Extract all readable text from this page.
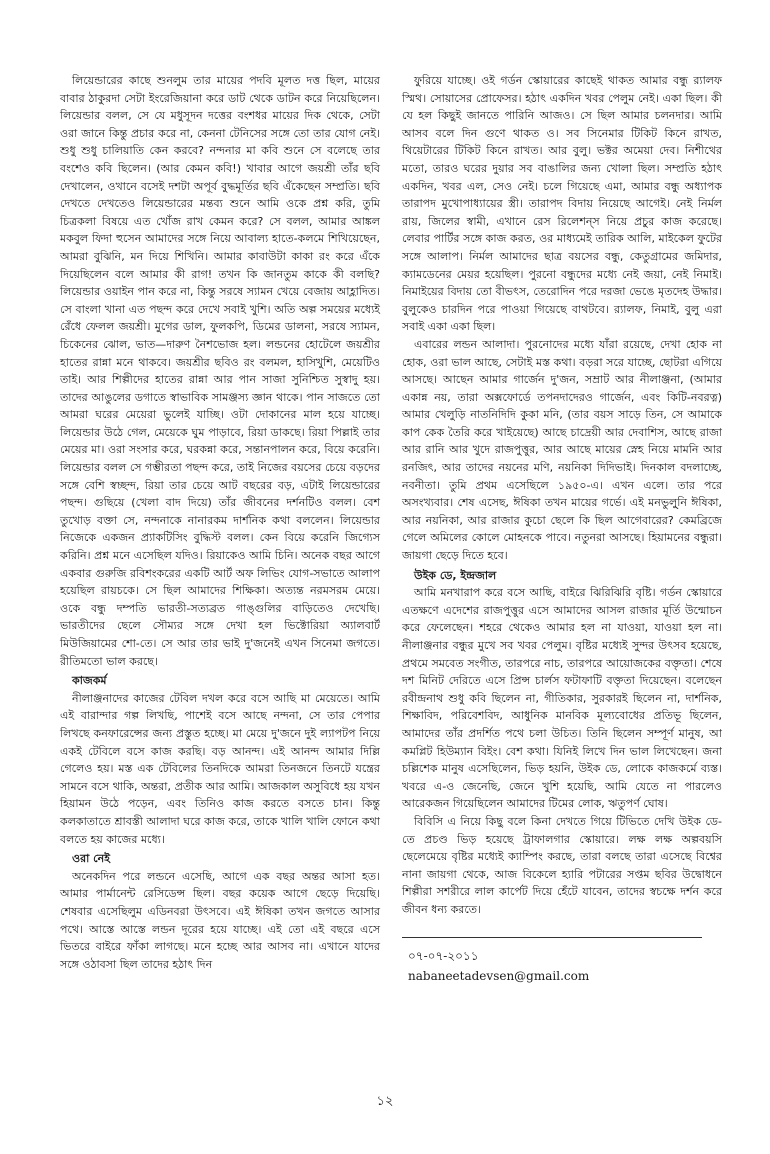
লিয়েন্ডারের কাছে শুনলুম তার মায়ের পদবি মূলত দত্ত ছিল, মায়ের বাবার ঠাকুরদা সেটা ইংরেজিয়ানা করে ডাট থেকে ডাটন করে নিয়েছিলেন। লিয়েন্ডার বলল, সে যে মধুসূদন দত্তের বংশধর মায়ের দিক থেকে, সেটা ওরা জানে কিন্তু প্রচার করে না, কেননা টেনিসের সঙ্গে তো তার যোগ নেই। শুধু শুধু চালিয়াতি কেন করবে? নন্দনার মা কবি শুনে সে বলেছে তার বংশেও কবি ছিলেন। (আর কেমন কবি!) খাবার আগে জয়শ্রী তাঁর ছবি দেখালেন, ওখানে বসেই দশটা অপূর্ব বুদ্ধমূর্তির ছবি এঁকেছেন সম্প্রতি। ছবি দেখতে দেখতেও লিয়েন্ডারের মন্তব্য শুনে আমি ওকে প্রশ্ন করি, তুমি চিত্রকলা বিষয়ে এত খোঁজ রাখ কেমন করে? সে বলল, আমার আঙ্কল মকবুল ফিদা হুসেন আমাদের সঙ্গে নিয়ে আবাল্য হাতে-কলমে শিখিয়েছেন, আমরা বুঝিনি, মন দিয়ে শিখিনি। আমার কাবাউটা কাকা রং করে এঁকে দিয়েছিলেন বলে আমার কী রাগ! তখন কি জানতুম কাকে কী বলছি? লিয়েন্ডার ওয়াইন পান করে না, কিন্তু সরষে স্যামন খেয়ে বেজায় আহ্লাদিত। সে বাংলা খানা এত পছন্দ করে দেখে সবাই খুশি। অতি অল্প সময়ের মধ্যেই রেঁধে ফেলল জয়শ্রী। মুগের ডাল, ফুলকপি, ডিমের ডালনা, সরষে স্যামন, চিকেনের ঝোল, ভাত—দারুণ নৈশভোজ হল। লন্ডনের হোটেলে জয়শ্রীর হাতের রান্না মনে থাকবে। জয়শ্রীর ছবিও রং বলমল, হাসিখুশি, মেয়েটিও তাই। আর শিল্পীদের হাতের রান্না আর পান সাজা সুনিশ্চিত সুস্বাদু হয়। তাদের আঙুলের ডগাতে স্বাভাবিক সামঞ্জস্য জ্ঞান থাকে। পান সাজতে তো আমরা ঘরের মেয়েরা ভুলেই যাচ্ছি। ওটা দোকানের মাল হয়ে যাচ্ছে। লিয়েন্ডার উঠে গেল, মেয়েকে ঘুম পাড়াবে, রিয়া ডাকছে। রিয়া পিল্লাই তার মেয়ের মা। ওরা সংসার করে, ঘরকন্না করে, সন্তানপালন করে, বিয়ে করেনি। লিয়েন্ডার বলল সে গম্ভীরতা পছন্দ করে, তাই নিজের বয়সের চেয়ে বড়দের সঙ্গে বেশি স্বচ্ছন্দ, রিয়া তার চেয়ে আট বছরের বড়, এটাই লিয়েন্ডারের পছন্দ। গুছিয়ে (খেলা বাদ দিয়ে) তাঁর জীবনের দর্শনটিও বলল। বেশ তুখোড় বক্তা সে, নন্দনাকে নানারকম দার্শনিক কথা বললেন। লিয়েন্ডার নিজেকে একজন প্র্যাকটিসিং বুদ্ধিস্ট বলল। কেন বিয়ে করেনি জিগ্যেস করিনি। প্রশ্ন মনে এসেছিল যদিও। রিয়াকেও আমি চিনি। অনেক বছর আগে একবার গুরুজি রবিশংকরের একটি আর্ট অফ লিভিং যোগ-সভাতে আলাপ হয়েছিল রায়চকে। সে ছিল আমাদের শিক্ষিকা। অত্যন্ত নরমসরম মেয়ে। ওকে বন্ধু দম্পতি ভারতী-সত্যব্রত গাঙ্গুলির বাড়িতেও দেখেছি। ভারতীদের ছেলে সৌম্যর সঙ্গে দেখা হল ভিক্টোরিয়া অ্যালবার্ট মিউজিয়ামের শো-তে। সে আর তার ভাই দু'জনেই এখন সিনেমা জগতে। রীতিমতো ভাল করছে।

কাজকর্ম

নীলাঞ্জনাদের কাজের টেবিল দখল করে বসে আছি মা মেয়েতে। আমি এই বারান্দার গল্প লিখছি, পাশেই বসে আছে নন্দনা, সে তার পেপার লিখছে কনফারেন্সের জন্য প্রস্তুত হচ্ছে। মা মেয়ে দু'জনে দুই ল্যাপটপ নিয়ে একই টেবিলে বসে কাজ করছি। বড় আনন্দ। এই আনন্দ আমার দিল্লি গেলেও হয়। মস্ত এক টেবিলের তিনদিকে আমরা তিনজনে তিনটে যন্ত্রের সামনে বসে থাকি, অন্তরা, প্রতীক আর আমি। আজকাল অসুবিধে হয় যখন হিয়ামন উঠে পড়েন, এবং তিনিও কাজ করতে বসতে চান। কিন্তু কলকাতাতে শ্রাবস্তী আলাদা ঘরে কাজ করে, তাকে খালি খালি ফোনে কথা বলতে হয় কাজের মধ্যে।

ওরা নেই

অনেকদিন পরে লন্ডনে এসেছি, আগে এক বছর অন্তর আসা হত। আমার পার্মানেন্ট রেসিডেন্স ছিল। বছর কয়েক আগে ছেড়ে দিয়েছি। শেষবার এসেছিলুম এডিনবরা উৎসবে। এই ঈষিকা তখন জগতে আসার পথে। আস্তে আস্তে লন্ডন দূরের হয়ে যাচ্ছে। এই তো এই বছরে এসে ভিতরে বাইরে ফাঁকা লাগছে। মনে হচ্ছে আর আসব না। এখানে যাদের সঙ্গে ওঠাবসা ছিল তাদের হঠাৎ দিন

ফুরিয়ে যাচ্ছে। ওই গর্ডন স্কোয়ারের কাছেই থাকত আমার বন্ধু র‍্যালফ স্মিথ। সোয়াসের প্রোফেসর। হঠাৎ একদিন খবর পেলুম নেই। একা ছিল। কী যে হল কিছুই জানতে পারিনি আজও। সে ছিল আমার চলনদার। আমি আসব বলে দিন গুণে থাকত ও। সব সিনেমার টিকিট কিনে রাখত, থিয়েটারের টিকিট কিনে রাখত। আর বুলু। ভক্টর অমেয়া দেব। নিশীথের মতো, তারও ঘরের দুয়ার সব বাঙালির জন্য খোলা ছিল। সম্প্রতি হঠাৎ একদিন, খবর এল, সেও নেই। চলে গিয়েছে এমা, আমার বন্ধু অধ্যাপক তারাপদ মুখোপাধ্যায়ের স্ত্রী। তারাপদ বিদায় নিয়েছে আগেই। নেই নির্মল রায়, জিলের স্বামী, এখানে রেস রিলেশন্‌স নিয়ে প্রচুর কাজ করেছে। লেবার পার্টির সঙ্গে কাজ করত, ওর মাধ্যমেই তারিক আলি, মাইকেল ফুটের সঙ্গে আলাপ। নির্মল আমাদের ছাত্র বয়সের বন্ধু, কেতুগ্রামের জমিদার, ক্যামডেনের মেয়র হয়েছিল। পুরনো বন্ধুদের মধ্যে নেই জয়া, নেই নিমাই। নিমাইয়ের বিদায় তো বীভৎস, তেরোদিন পরে দরজা ভেঙে মৃতদেহ উদ্ধার। বুলুকেও চারদিন পরে পাওয়া গিয়েছে বাথটবে। র‍্যালফ, নিমাই, বুলু এরা সবাই একা একা ছিল।

এবারের লন্ডন আলাদা। পুরনোদের মধ্যে যাঁরা রয়েছে, দেখা হোক না হোক, ওরা ভাল আছে, সেটাই মস্ত কথা। বড়রা সরে যাচ্ছে, ছোটরা এগিয়ে আসছে। আছেন আমার গার্জেন দু'জন, সম্রাট আর নীলাঞ্জনা, (আমার একান্ন নয়, তারা অক্সফোর্ডে তপনদাদেরও গার্জেন, এবং কিটি-নবরত্ন) আমার খেলুড়ি নাতনিদিদি কুকা মনি, (তার বয়স সাড়ে তিন, সে আমাকে কাপ কেক তৈরি করে খাইয়েছে) আছে চাদ্রেয়ী আর দেবাশিস, আছে রাজা আর রানি আর খুদে রাজপুত্তুর, আর আছে মায়ের স্নেহ নিয়ে মামনি আর রনজিৎ, আর তাদের নয়নের মণি, নয়নিকা দিদিভাই। দিনকাল বদলাচ্ছে, নবনীতা। তুমি প্রথম এসেছিলে ১৯৫০-এ। এখন এলে। তার পরে অসংখ্যবার। শেষ এসেছ, ঈষিকা তখন মায়ের গর্ভে। এই মনভুলু্নি ঈষিকা, আর নয়নিকা, আর রাজার কুচো ছেলে কি ছিল আগেবারের? কেমব্রিজে গেলে অমিলের কোলে মোহনকে পাবে। নতুনরা আসছে। হিয়ামনের বন্ধুরা। জায়গা ছেড়ে দিতে হবে।

উইক ডে, ইন্দ্রজাল

আমি মনখারাপ করে বসে আছি, বাইরে ঝিরিঝিরি বৃষ্টি। গর্ডন স্কোয়ারে এতক্ষণে এদেশের রাজপুত্তুর এসে আমাদের আসল রাজার মূর্তি উন্মোচন করে ফেলেছেন। শহরে থেকেও আমার হল না যাওয়া, যাওয়া হল না। নীলাঞ্জনার বন্ধুর মুখে সব খবর পেলুম। বৃষ্টির মধ্যেই সুন্দর উৎসব হয়েছে, প্রথমে সমবেত সংগীত, তারপরে নাচ, তারপরে আয়োজকের বক্তৃতা। শেষে দশ মিনিট দেরিতে এসে প্রিন্স চার্লস ফটাফাটি বক্তৃতা দিয়েছেন। বলেছেন রবীন্দ্রনাথ শুধু কবি ছিলেন না, গীতিকার, সুরকারই ছিলেন না, দার্শনিক, শিক্ষাবিদ, পরিবেশবিদ, আধুনিক মানবিক মূল্যবোধের প্রতিভূ ছিলেন, আমাদের তাঁর প্রদর্শিত পথে চলা উচিত। তিনি ছিলেন সম্পূর্ণ মানুষ, আ কমপ্লিট হিউম্যান বিইং। বেশ কথা। যিনিই লিখে দিন ভাল লিখেছেন। জনা চল্লিশেক মানুষ এসেছিলেন, ভিড় হয়নি, উইক ডে, লোকে কাজকর্মে ব্যস্ত। খবরে এ-ও জেনেছি, জেনে খুশি হয়েছি, আমি যেতে না পারলেও আরেকজন গিয়েছিলেন আমাদের টিমের লোক, ঋতুপর্ণ ঘোষ।

বিবিসি এ নিয়ে কিছু বলে কিনা দেখতে গিয়ে টিভিতে দেখি উইক ডে-তে প্রচণ্ড ভিড় হয়েছে ট্রাফালগার স্কোয়ারে। লক্ষ লক্ষ অল্পবয়সি ছেলেমেয়ে বৃষ্টির মধ্যেই ক্যাম্পিং করছে, তারা বলছে তারা এসেছে বিশ্বের নানা জায়গা থেকে, আজ বিকেলে হ্যারি পটারের সপ্তম ছবির উদ্বোধনে শিল্পীরা সশরীরে লাল কার্পেট দিয়ে হেঁটে যাবেন, তাদের স্বচক্ষে দর্শন করে জীবন ধন্য করতে।

০৭-০৭-২০১১
nabaneetadevsen@gmail.com
১২
